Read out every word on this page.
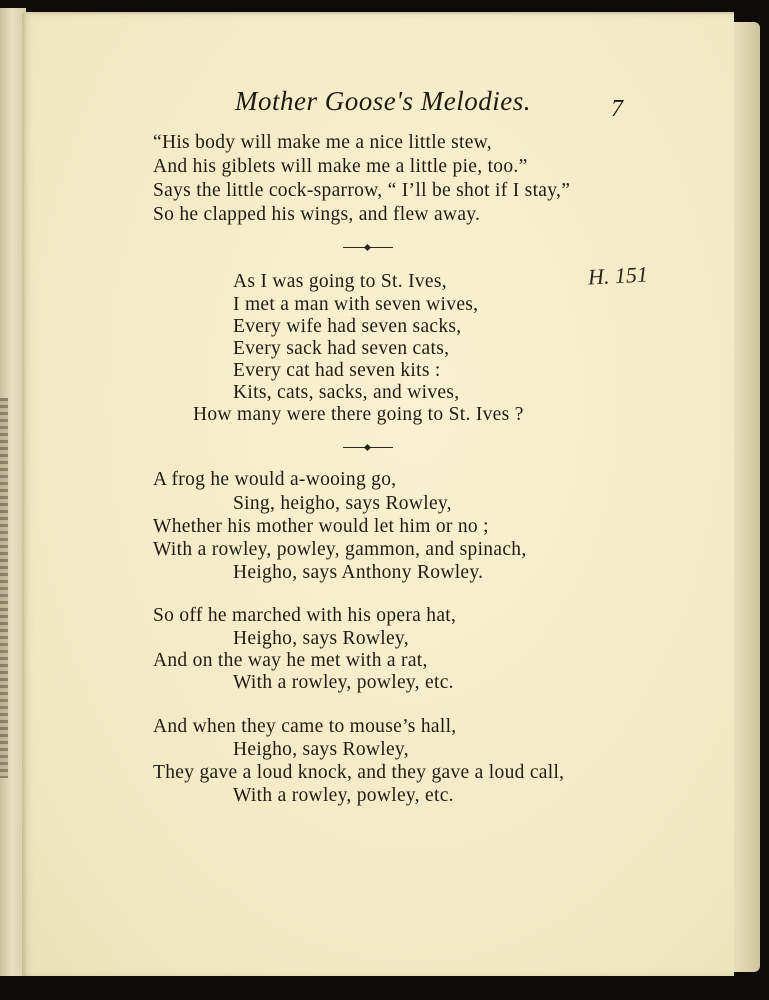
Mother Goose's Melodies.	7
H. 151
“His body will make me a nice little stew,
And his giblets will make me a little pie, too.”
Says the little cock-sparrow, “ I’ll be shot if I stay,”
So he clapped his wings, and flew away.
As I was going to St. Ives,
I met a man with seven wives,
Every wife had seven sacks,
Every sack had seven cats,
Every cat had seven kits :
Kits, cats, sacks, and wives,
How many were there going to St. Ives ?
A frog he would a-wooing go,
Sing, heigho, says Rowley,
Whether his mother would let him or no ;
With a rowley, powley, gammon, and spinach,
Heigho, says Anthony Rowley.
So off he marched with his opera hat,
Heigho, says Rowley,
And on the way he met with a rat,
With a rowley, powley, etc.
And when they came to mouse’s hall,
Heigho, says Rowley,
They gave a loud knock, and they gave a loud call,
With a rowley, powley, etc.
